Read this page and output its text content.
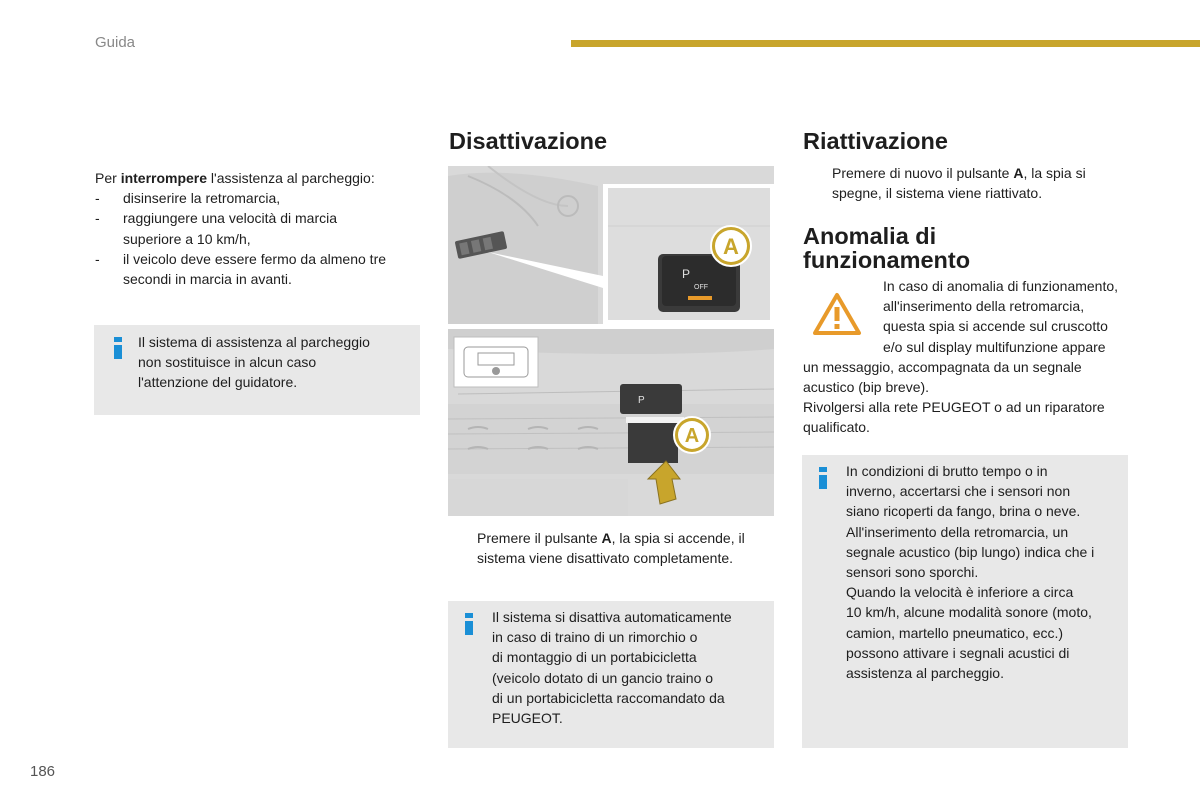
Guida
Per interrompere l'assistenza al parcheggio:
- disinserire la retromarcia,
- raggiungere una velocità di marcia
superiore a 10 km/h,
- il veicolo deve essere fermo da almeno tre
secondi in marcia in avanti.
Il sistema di assistenza al parcheggio
non sostituisce in alcun caso
l'attenzione del guidatore.
Disattivazione
P
OFF
A
P
A
Premere il pulsante A, la spia si accende, il
sistema viene disattivato completamente.
Il sistema si disattiva automaticamente
in caso di traino di un rimorchio o
di montaggio di un portabicicletta
(veicolo dotato di un gancio traino o
di un portabicicletta raccomandato da
PEUGEOT.
Riattivazione
Premere di nuovo il pulsante A, la spia si
spegne, il sistema viene riattivato.
Anomalia di
funzionamento
In caso di anomalia di funzionamento,
all'inserimento della retromarcia,
questa spia si accende sul cruscotto
e/o sul display multifunzione appare
un messaggio, accompagnata da un segnale
acustico (bip breve).
Rivolgersi alla rete PEUGEOT o ad un riparatore
qualificato.
In condizioni di brutto tempo o in
inverno, accertarsi che i sensori non
siano ricoperti da fango, brina o neve.
All'inserimento della retromarcia, un
segnale acustico (bip lungo) indica che i
sensori sono sporchi.
Quando la velocità è inferiore a circa
10 km/h, alcune modalità sonore (moto,
camion, martello pneumatico, ecc.)
possono attivare i segnali acustici di
assistenza al parcheggio.
186
